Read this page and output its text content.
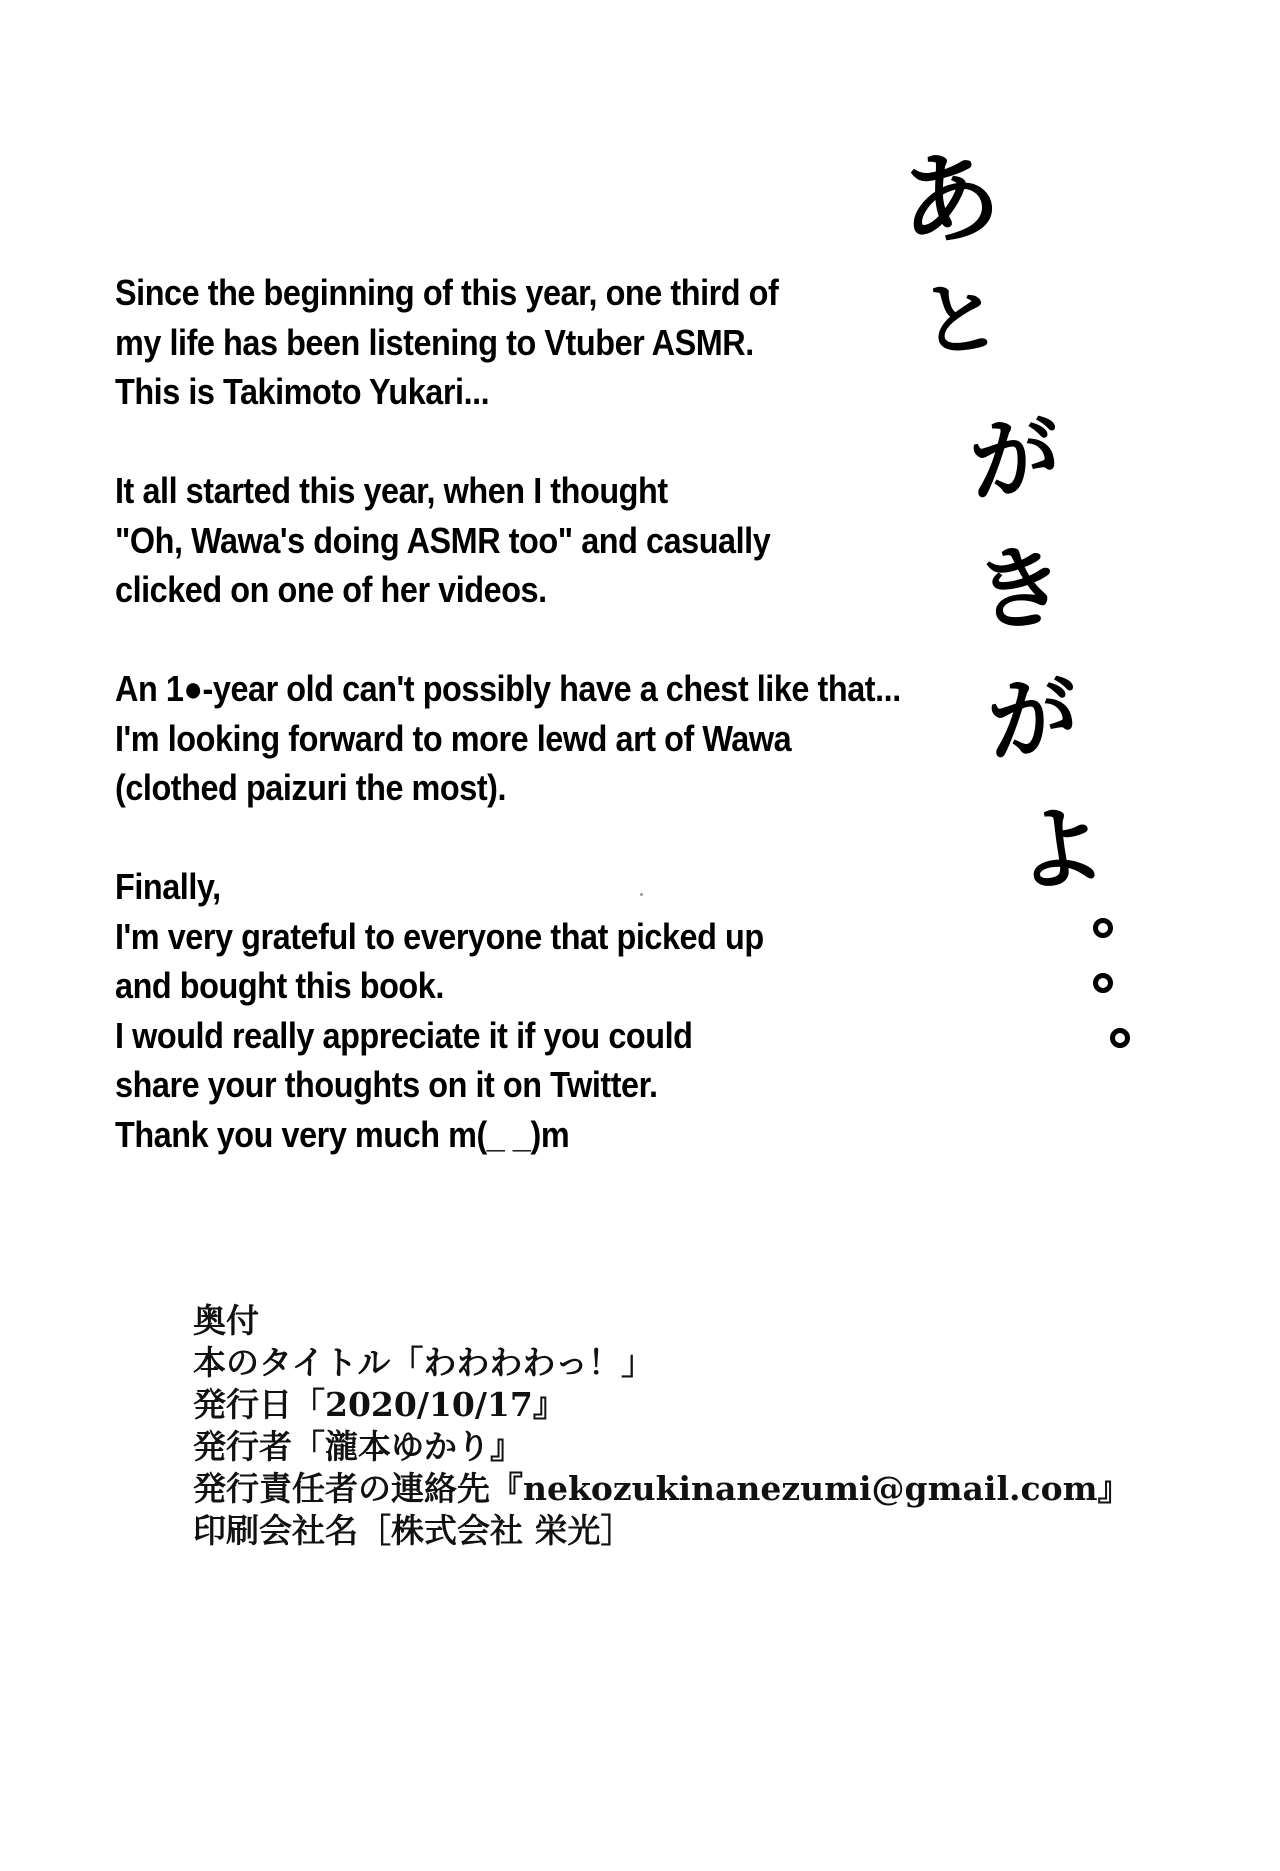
あ
と
が
き
が
よ
Since the beginning of this year, one third of
my life has been listening to Vtuber ASMR.
This is Takimoto Yukari...
It all started this year, when I thought
"Oh, Wawa's doing ASMR too" and casually
clicked on one of her videos.
An 1●-year old can't possibly have a chest like that...
I'm looking forward to more lewd art of Wawa
(clothed paizuri the most).
Finally,
I'm very grateful to everyone that picked up
and bought this book.
I would really appreciate it if you could
share your thoughts on it on Twitter.
Thank you very much m(_ _)m
奥付
本のタイトル「わわわわっ！」
発行日「2020/10/17』
発行者「瀧本ゆかり』
発行責任者の連絡先『nekozukinanezumi@gmail.com』
印刷会社名［株式会社 栄光］
